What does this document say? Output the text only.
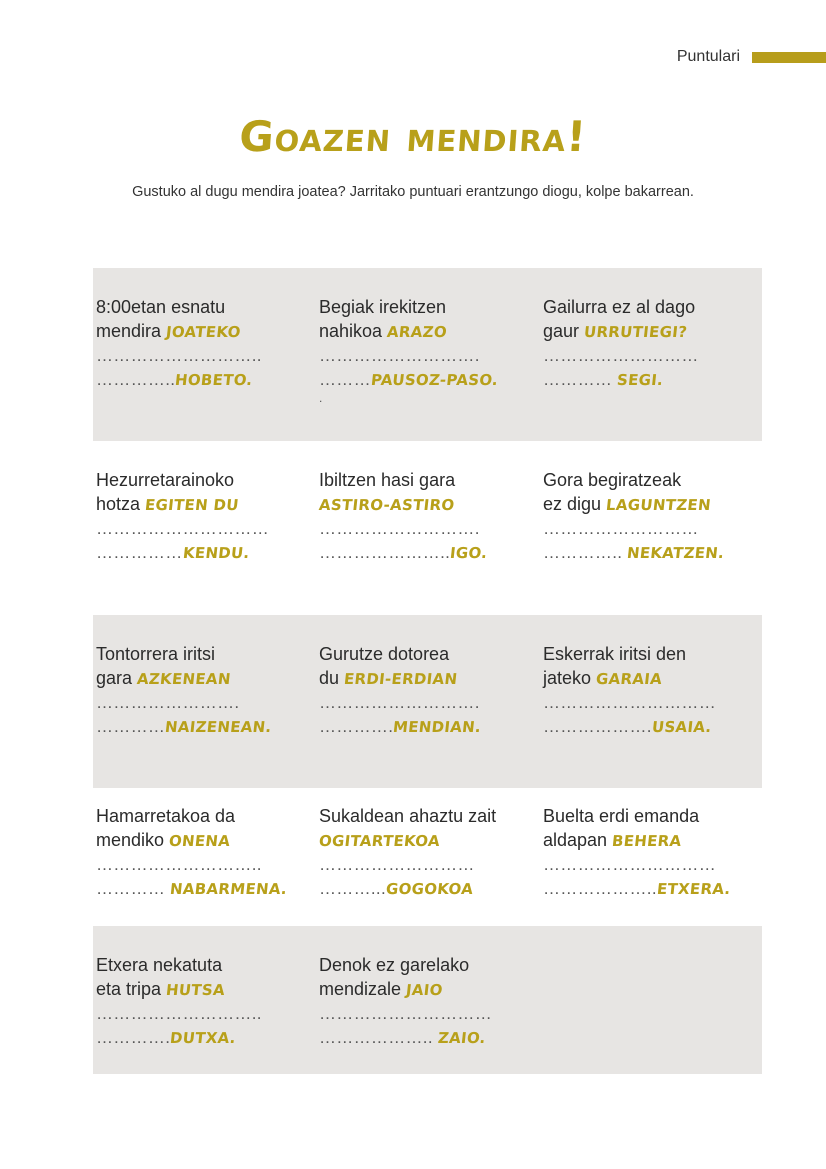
Puntulari
Goazen mendira!
Gustuko al dugu mendira joatea? Jarritako puntuari erantzungo diogu, kolpe bakarrean.
8:00etan esnatu
mendira JOATEKO
………………………..
…………..HOBETO.
Begiak irekitzen
nahikoa ARAZO
……………………….
………PAUSOZ-PASO.
.
Gailurra ez al dago
gaur URRUTIEGI?
………………………
………… SEGI.
Hezurretarainoko
hotza EGITEN DU
…………………………
……………KENDU.
Ibiltzen hasi gara
ASTIRO-ASTIRO
……………………….
…………………..IGO.
Gora begiratzeak
ez digu LAGUNTZEN
………………………
………….. NEKATZEN.
Tontorrera iritsi
gara AZKENEAN
…………………….
…………NAIZENEAN.
Gurutze dotorea
du ERDI-ERDIAN
……………………….
………….MENDIAN.
Eskerrak iritsi den
jateko GARAIA
…………………………
……………….USAIA.
Hamarretakoa da
mendiko ONENA
………………………..
………… NABARMENA.
Sukaldean ahaztu zait
OGITARTEKOA
………………………
………...GOGOKOA
Buelta erdi emanda
aldapan BEHERA
…………………………
………………..ETXERA.
Etxera nekatuta
eta tripa HUTSA
………………………..
………….DUTXA.
Denok ez garelako
mendizale JAIO
…………………………
……………….. ZAIO.
